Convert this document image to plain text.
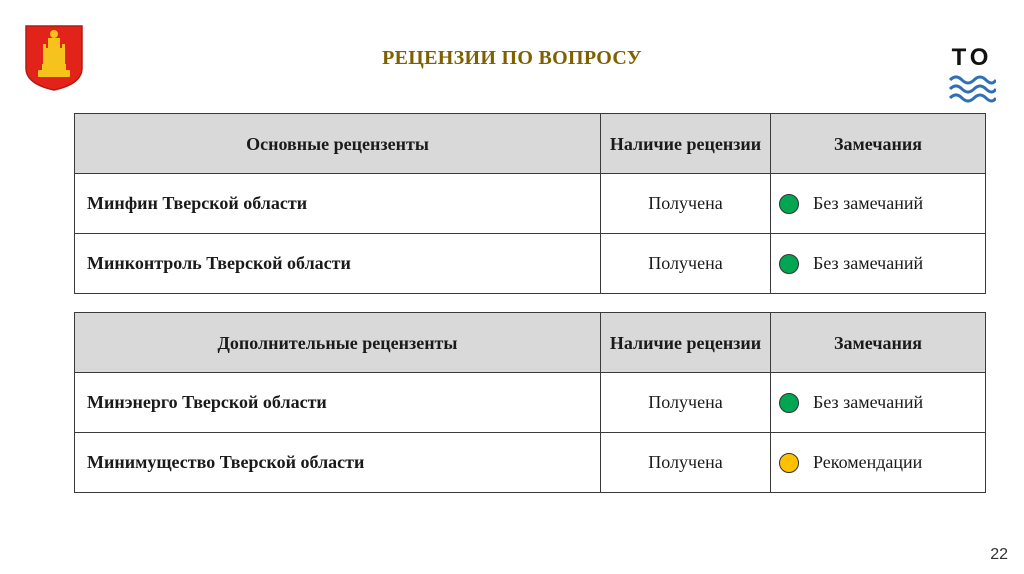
РЕЦЕНЗИИ ПО ВОПРОСУ	ТО
Основные рецензенты	Наличие рецензии	Замечания
Минфин Тверской области	Получена	Без замечаний

Минконтроль Тверской области	Получена	Без замечаний
Дополнительные рецензенты	Наличие рецензии	Замечания
Минэнерго Тверской области	Получена	Без замечаний

Минимущество Тверской области	Получена	Рекомендации
22
